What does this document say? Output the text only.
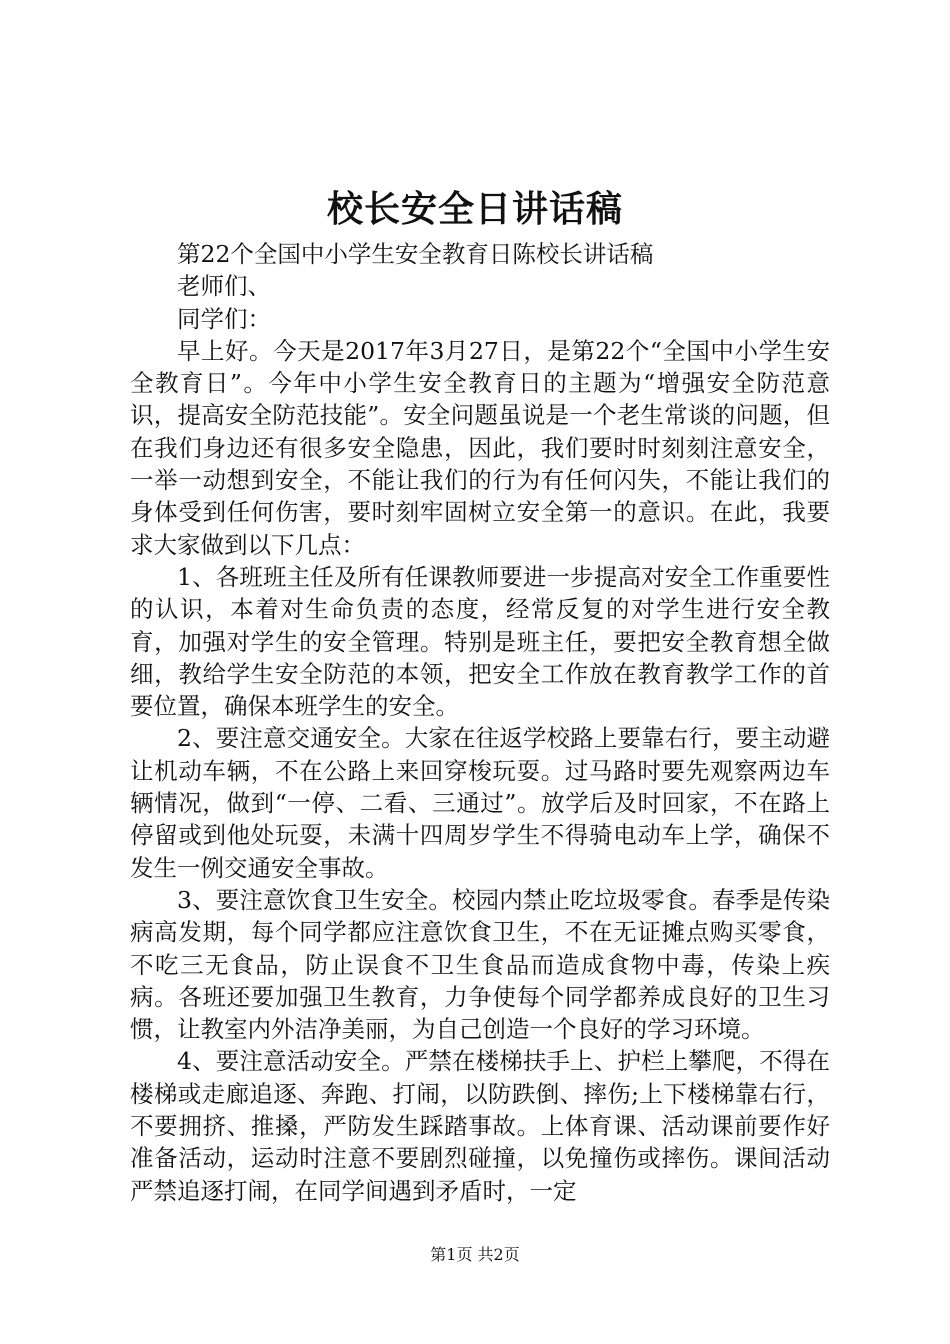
校长安全日讲话稿

第22个全国中小学生安全教育日陈校长讲话稿

老师们、

同学们：

早上好。今天是2017年3月27日，是第22个“全国中小学生安全教育日”。今年中小学生安全教育日的主题为“增强安全防范意识，提高安全防范技能”。安全问题虽说是一个老生常谈的问题，但在我们身边还有很多安全隐患，因此，我们要时时刻刻注意安全，一举一动想到安全，不能让我们的行为有任何闪失，不能让我们的身体受到任何伤害，要时刻牢固树立安全第一的意识。在此，我要求大家做到以下几点：

1、各班班主任及所有任课教师要进一步提高对安全工作重要性的认识，本着对生命负责的态度，经常反复的对学生进行安全教育，加强对学生的安全管理。特别是班主任，要把安全教育想全做细，教给学生安全防范的本领，把安全工作放在教育教学工作的首要位置，确保本班学生的安全。

2、要注意交通安全。大家在往返学校路上要靠右行，要主动避让机动车辆，不在公路上来回穿梭玩耍。过马路时要先观察两边车辆情况，做到“一停、二看、三通过”。放学后及时回家，不在路上停留或到他处玩耍，未满十四周岁学生不得骑电动车上学，确保不发生一例交通安全事故。

3、要注意饮食卫生安全。校园内禁止吃垃圾零食。春季是传染病高发期，每个同学都应注意饮食卫生，不在无证摊点购买零食，不吃三无食品，防止误食不卫生食品而造成食物中毒，传染上疾病。各班还要加强卫生教育，力争使每个同学都养成良好的卫生习惯，让教室内外洁净美丽，为自己创造一个良好的学习环境。

4、要注意活动安全。严禁在楼梯扶手上、护栏上攀爬，不得在楼梯或走廊追逐、奔跑、打闹，以防跌倒、摔伤;上下楼梯靠右行，不要拥挤、推搡，严防发生踩踏事故。上体育课、活动课前要作好准备活动，运动时注意不要剧烈碰撞，以免撞伤或摔伤。课间活动严禁追逐打闹，在同学间遇到矛盾时，一定

第1页 共2页
